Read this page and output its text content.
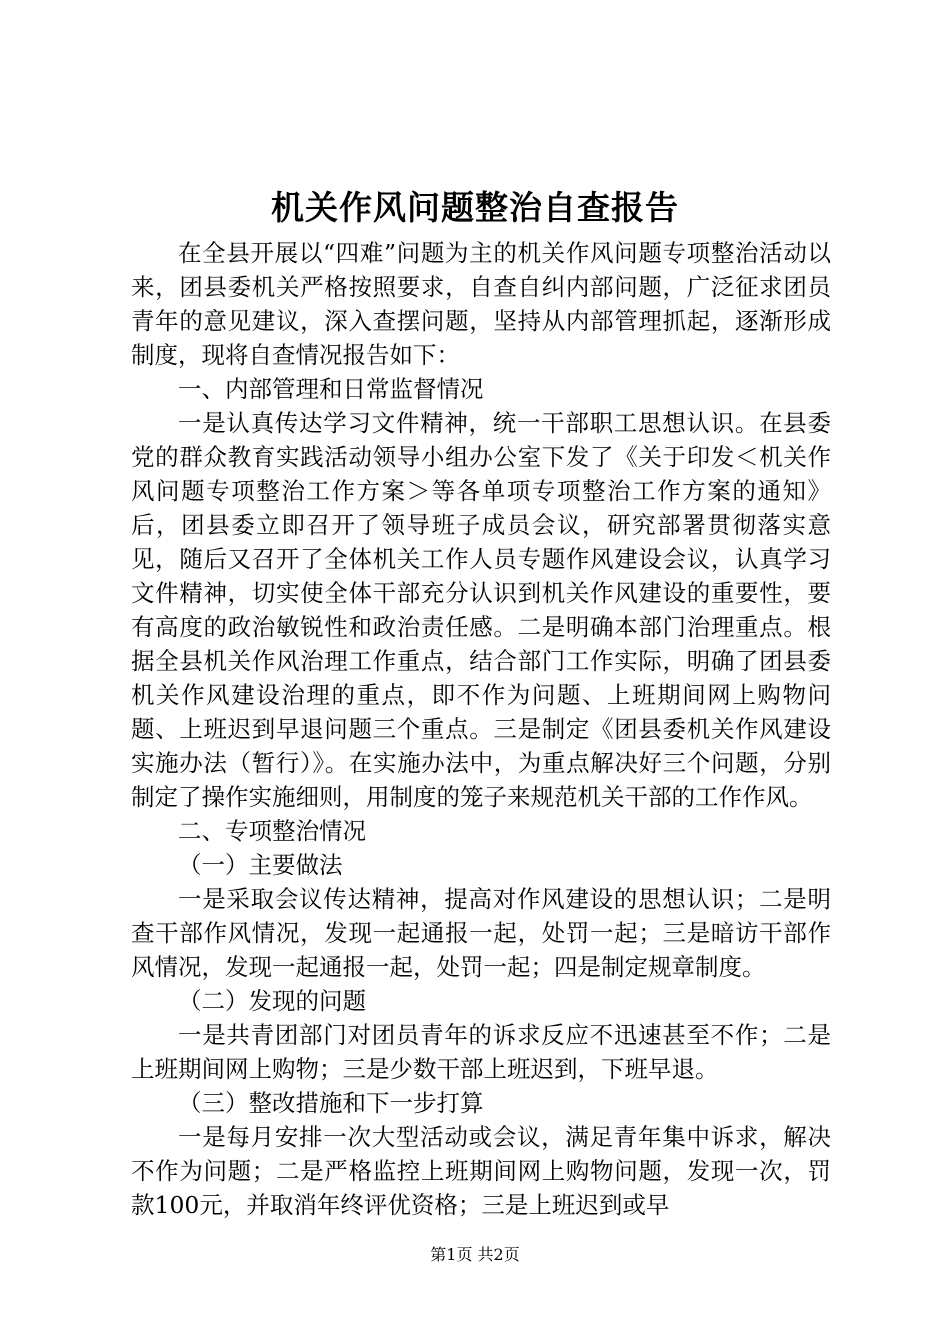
机关作风问题整治自查报告

在全县开展以“四难”问题为主的机关作风问题专项整治活动以来，团县委机关严格按照要求，自查自纠内部问题，广泛征求团员青年的意见建议，深入查摆问题，坚持从内部管理抓起，逐渐形成制度，现将自查情况报告如下：

一、内部管理和日常监督情况

一是认真传达学习文件精神，统一干部职工思想认识。在县委党的群众教育实践活动领导小组办公室下发了《关于印发＜机关作风问题专项整治工作方案＞等各单项专项整治工作方案的通知》后，团县委立即召开了领导班子成员会议，研究部署贯彻落实意见，随后又召开了全体机关工作人员专题作风建设会议，认真学习文件精神，切实使全体干部充分认识到机关作风建设的重要性，要有高度的政治敏锐性和政治责任感。二是明确本部门治理重点。根据全县机关作风治理工作重点，结合部门工作实际，明确了团县委机关作风建设治理的重点，即不作为问题、上班期间网上购物问题、上班迟到早退问题三个重点。三是制定《团县委机关作风建设实施办法（暂行）》。在实施办法中，为重点解决好三个问题，分别制定了操作实施细则，用制度的笼子来规范机关干部的工作作风。

二、专项整治情况

（一）主要做法

一是采取会议传达精神，提高对作风建设的思想认识；二是明查干部作风情况，发现一起通报一起，处罚一起；三是暗访干部作风情况，发现一起通报一起，处罚一起；四是制定规章制度。

（二）发现的问题

一是共青团部门对团员青年的诉求反应不迅速甚至不作；二是上班期间网上购物；三是少数干部上班迟到，下班早退。

（三）整改措施和下一步打算

一是每月安排一次大型活动或会议，满足青年集中诉求，解决不作为问题；二是严格监控上班期间网上购物问题，发现一次，罚款100元，并取消年终评优资格；三是上班迟到或早

第1页 共2页
